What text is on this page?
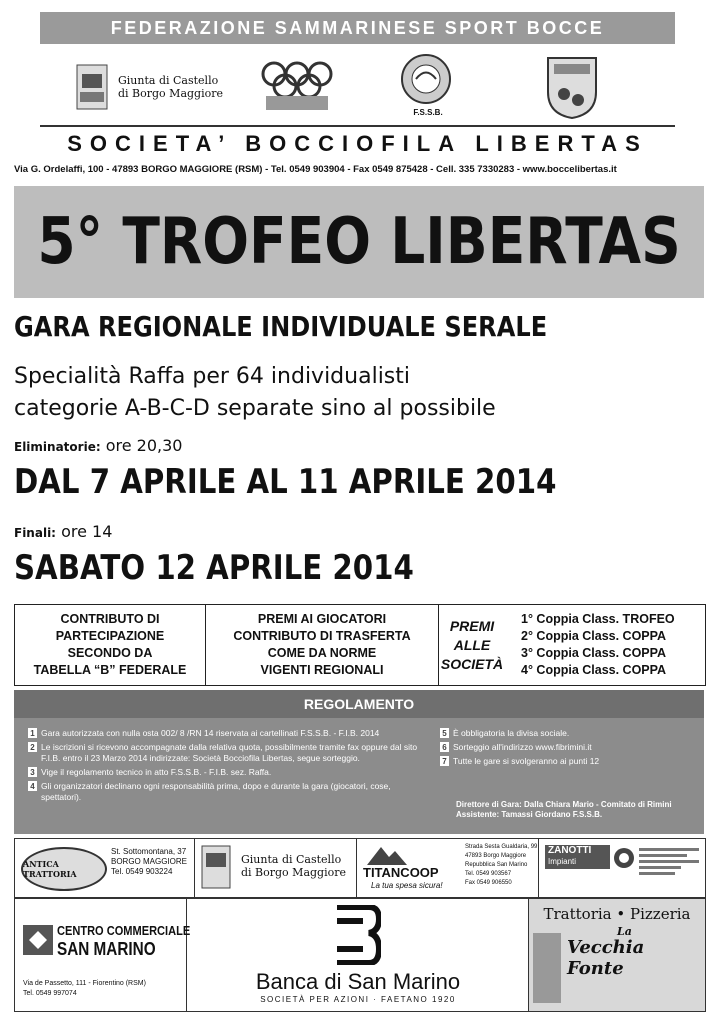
FEDERAZIONE SAMMARINESE SPORT BOCCE
Giunta di Castello
di Borgo Maggiore
F.S.S.B.
SOCIETA’ BOCCIOFILA LIBERTAS
Via G. Ordelaffi, 100 - 47893 BORGO MAGGIORE (RSM) - Tel. 0549 903904 - Fax 0549 875428 - Cell. 335 7330283 - www.boccelibertas.it
5° TROFEO LIBERTAS
GARA REGIONALE INDIVIDUALE SERALE
Specialità Raffa per 64 individualisti
categorie A-B-C-D separate sino al possibile
Eliminatorie: ore 20,30
DAL 7 APRILE AL 11 APRILE 2014
Finali: ore 14
SABATO 12 APRILE 2014
CONTRIBUTO DI
PARTECIPAZIONE
SECONDO DA
TABELLA “B” FEDERALE
PREMI AI GIOCATORI
CONTRIBUTO DI TRASFERTA
COME DA NORME
VIGENTI REGIONALI
PREMI
ALLE
SOCIETÀ
1° Coppia Class. TROFEO
2° Coppia Class. COPPA
3° Coppia Class. COPPA
4° Coppia Class. COPPA
REGOLAMENTO
1 Gara autorizzata con nulla osta 002/ 8 /RN 14 riservata ai cartellinati F.S.S.B. - F.I.B. 2014
2 Le iscrizioni si ricevono accompagnate dalla relativa quota, possibilmente tramite fax oppure dal sito F.I.B. entro il 23 Marzo 2014 indirizzate: Società Bocciofila Libertas, segue sorteggio.
3 Vige il regolamento tecnico in atto F.S.S.B. - F.I.B. sez. Raffa.
4 Gli organizzatori declinano ogni responsabilità prima, dopo e durante la gara (giocatori, cose, spettatori).
5 È obbligatoria la divisa sociale.
6 Sorteggio all'indirizzo www.fibrimini.it
7 Tutte le gare si svolgeranno ai punti 12
Direttore di Gara: Dalla Chiara Mario - Comitato di Rimini
Assistente: Tamassi Giordano F.S.S.B.
ANTICA TRATTORIA
St. Sottomontana, 37
BORGO MAGGIORE
Tel. 0549 903224
Giunta di Castello
di Borgo Maggiore TITANCOOP
La tua spesa sicura!
Strada Sesta Gualdaria, 99
47893 Borgo Maggiore
Repubblica San Marino
Tel. 0549 903567
Fax 0549 906550
ZANOTTI
Impianti
CENTRO COMMERCIALE
SAN MARINO
Via de Passetto, 111 - Fiorentino (RSM)
Tel. 0549 997074	Banca di San Marino
SOCIETÀ PER AZIONI · FAETANO 1920
Trattoria • Pizzeria
La
Vecchia Fonte
